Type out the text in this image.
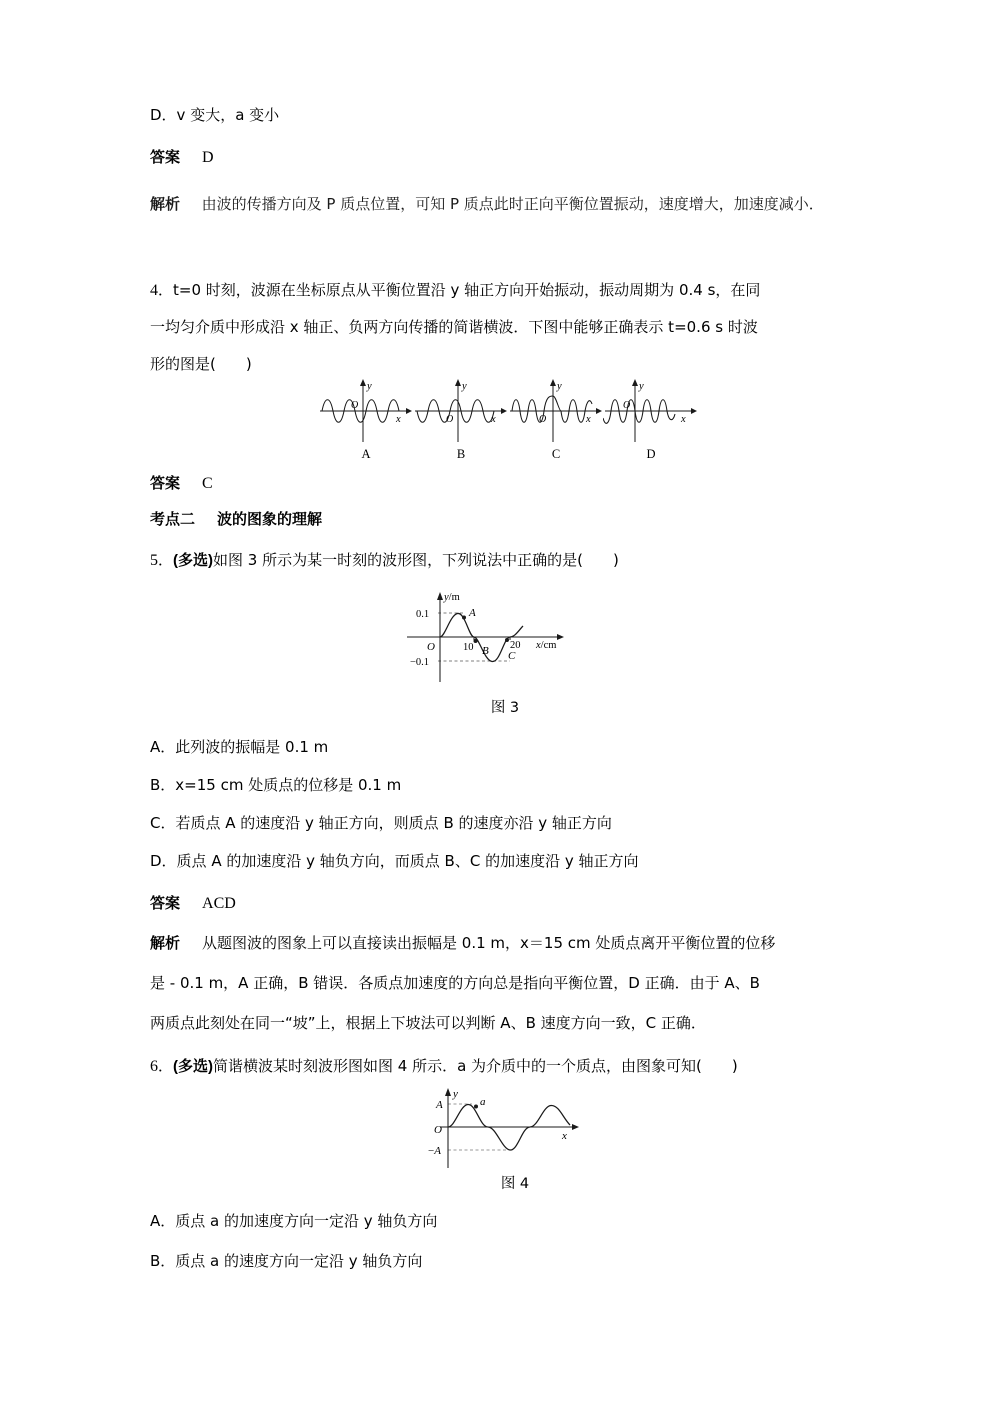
D．v 变大，a 变小
答案 D
解析 由波的传播方向及 P 质点位置，可知 P 质点此时正向平衡位置振动，速度增大，加速度减小．
4．t=0 时刻，波源在坐标原点从平衡位置沿 y 轴正方向开始振动，振动周期为 0.4 s，在同
一均匀介质中形成沿 x 轴正、负两方向传播的简谐横波．下图中能够正确表示 t=0.6 s 时波
形的图是(　　)
y
O
x
A
y
O	x
B
y
O	x
C
y
O
x
D
答案 C
考点二 波的图象的理解
5．(多选)如图 3 所示为某一时刻的波形图，下列说法中正确的是(　　)
y/m
x/cm
O
0.1
−0.1
10	20
.
A
B C
图 3
A．此列波的振幅是 0.1 m
B．x=15 cm 处质点的位移是 0.1 m
C．若质点 A 的速度沿 y 轴正方向，则质点 B 的速度亦沿 y 轴正方向
D．质点 A 的加速度沿 y 轴负方向，而质点 B、C 的加速度沿 y 轴正方向
答案 ACD
解析 从题图波的图象上可以直接读出振幅是 0.1 m，x＝15 cm 处质点离开平衡位置的位移
是 - 0.1 m，A 正确，B 错误．各质点加速度的方向总是指向平衡位置，D 正确．由于 A、B
两质点此刻处在同一“坡”上，根据上下坡法可以判断 A、B 速度方向一致，C 正确．
6．(多选)简谐横波某时刻波形图如图 4 所示．a 为介质中的一个质点，由图象可知(　　)
y
x
O
A
−A
a
图 4
A．质点 a 的加速度方向一定沿 y 轴负方向
B．质点 a 的速度方向一定沿 y 轴负方向
